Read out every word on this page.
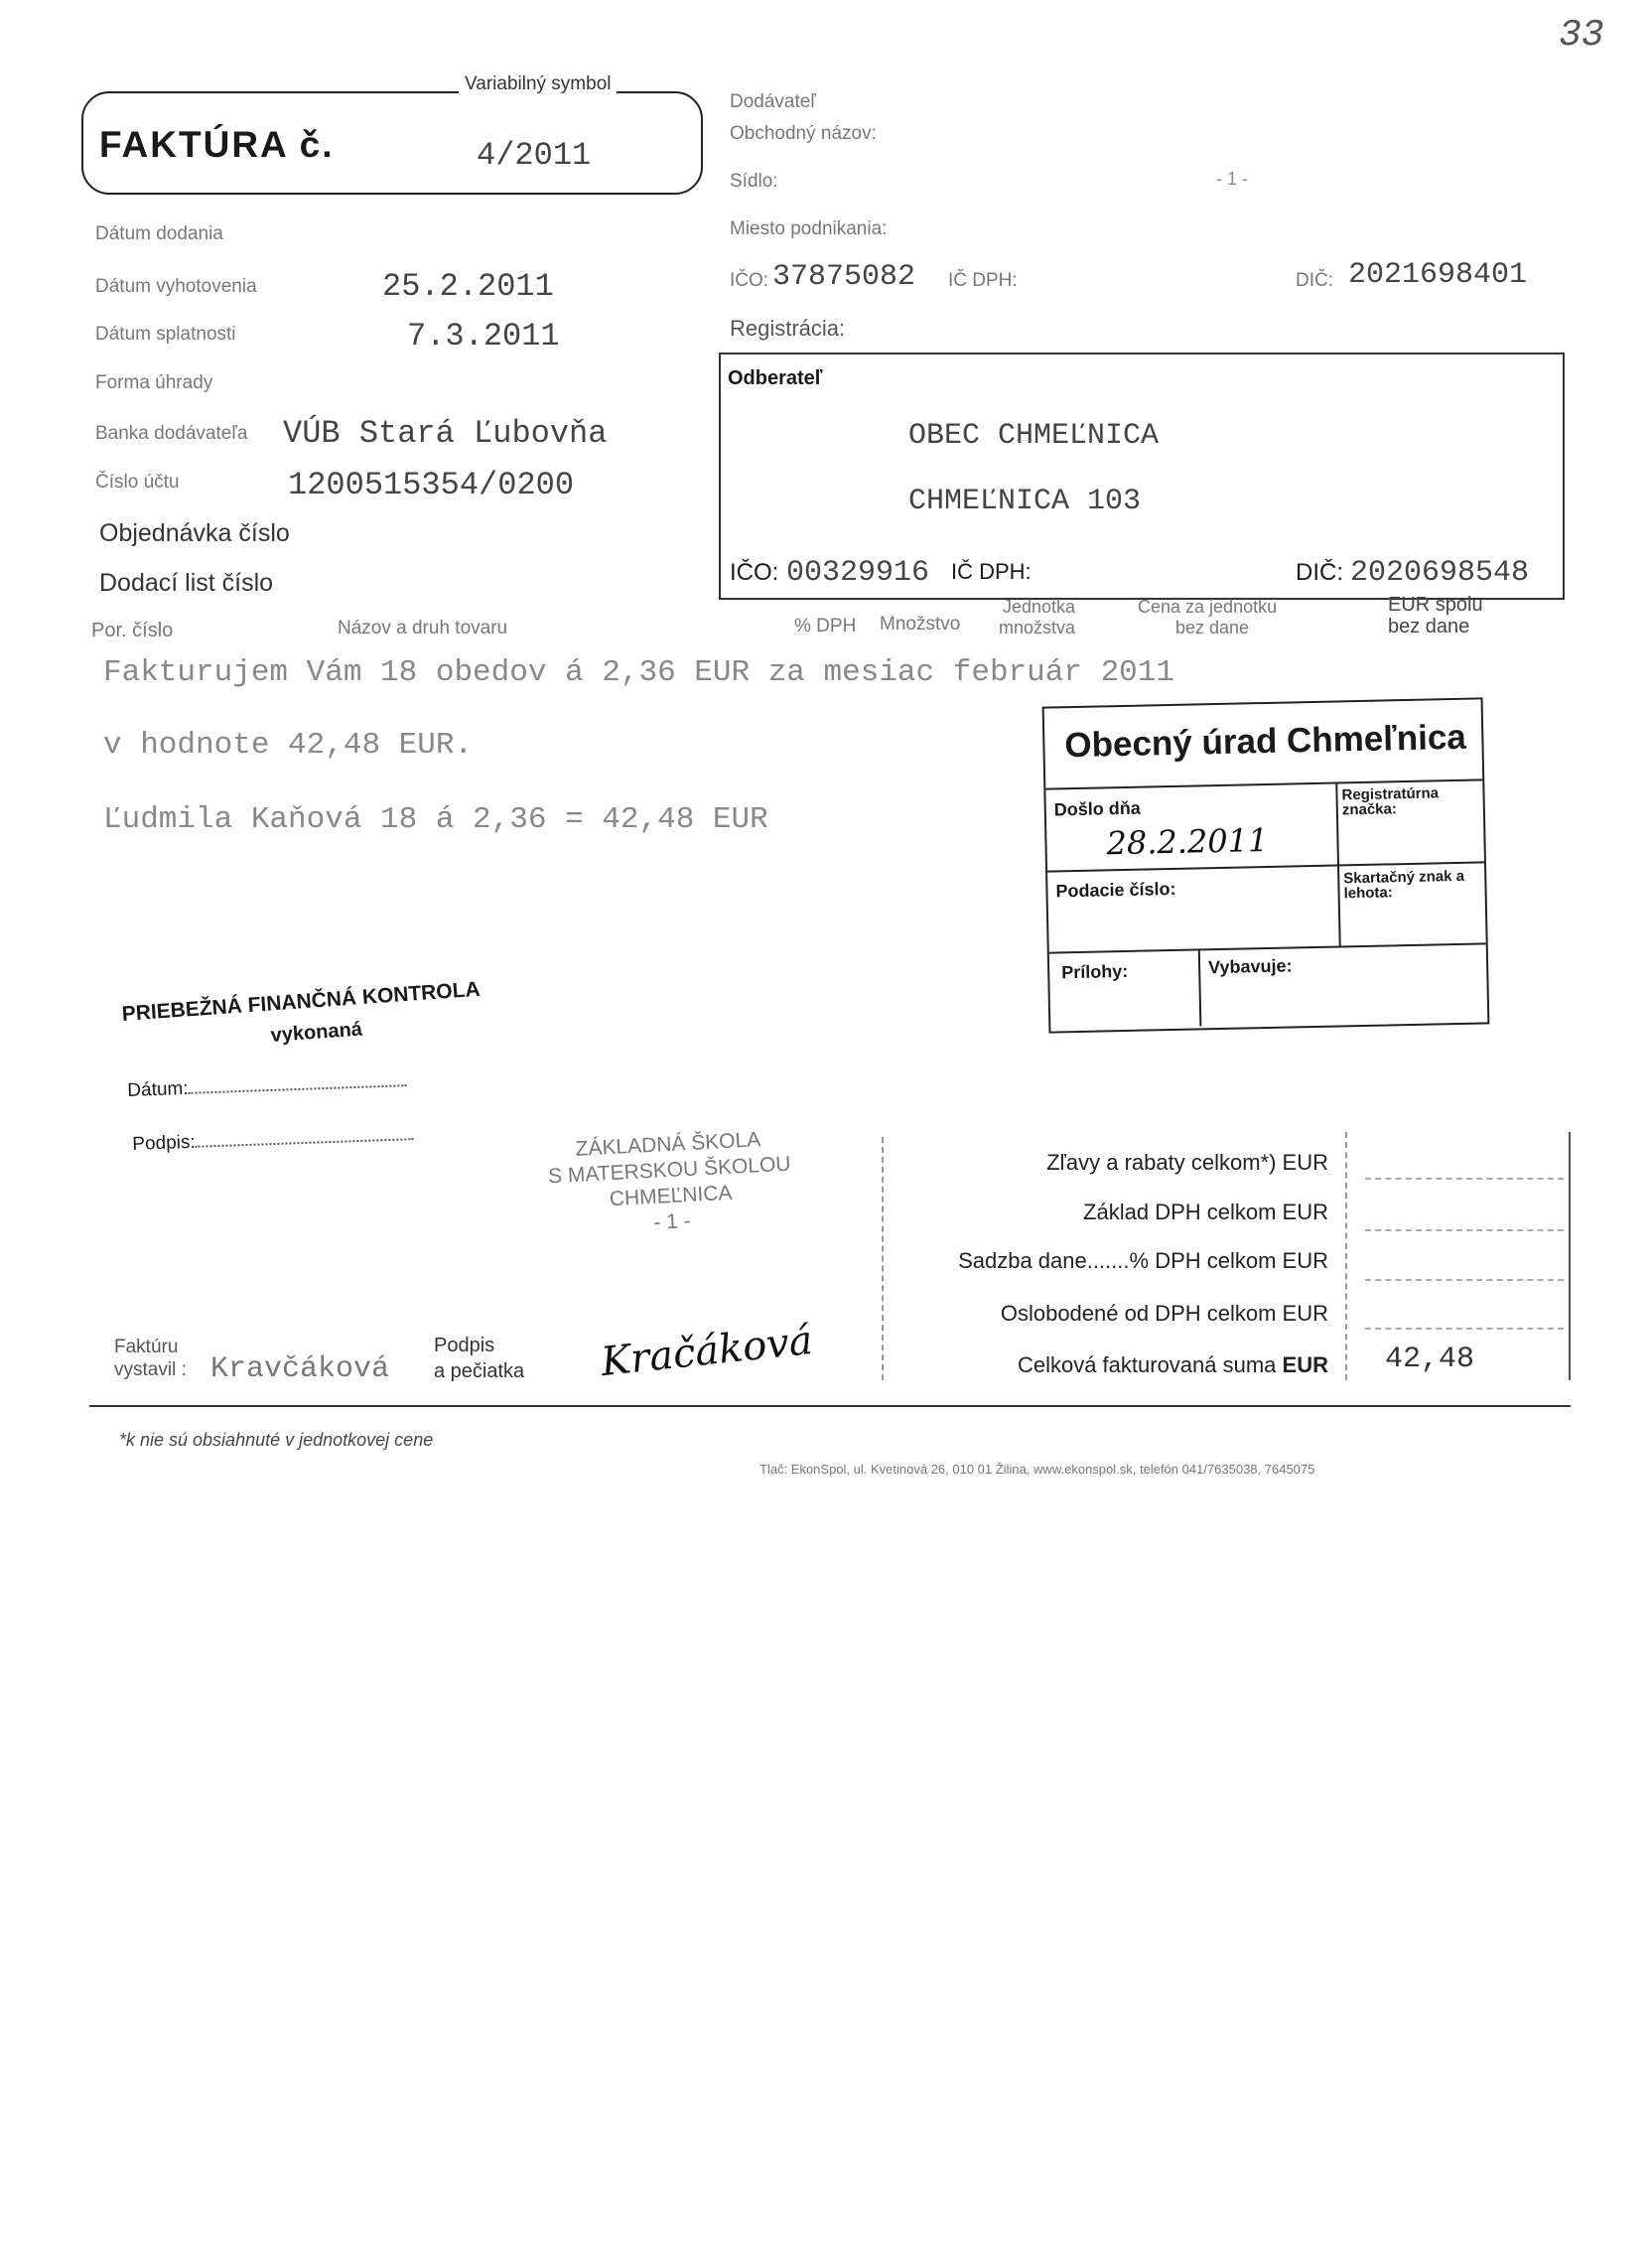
33
Variabilný symbol
FAKTÚRA č.	4/2011
Dátum dodania
Dátum vyhotovenia	25.2.2011
Dátum splatnosti	7.3.2011
Forma úhrady
Banka dodávateľa VÚB Stará Ľubovňa
Číslo účtu	1200515354/0200
Objednávka číslo
Dodací list číslo
Dodávateľ
Obchodný názov:
Sídlo:	- 1 -
Miesto podnikania:
IČO: 37875082 IČ DPH:	DIČ: 2021698401
Registrácia:
Odberateľ
OBEC CHMEĽNICA
CHMEĽNICA 103
IČO: 00329916 IČ DPH:	DIČ: 2020698548
Por. číslo	Názov a druh tovaru	% DPH Množstvo
Jednotka
množstva
Cena za jednotku
bez dane
EUR spolu
bez dane
Fakturujem Vám 18 obedov á 2,36 EUR za mesiac február 2011
v hodnote 42,48 EUR.
Ľudmila Kaňová 18 á 2,36 = 42,48 EUR
Obecný úrad Chmeľnica
Došlo dňa
28.2.2011
Registratúrna značka:
Podacie číslo:
Skartačný znak a lehota:
Prílohy:	Vybavuje:
PRIEBEŽNÁ FINANČNÁ KONTROLA
vykonaná
Dátum:
Podpis:	ZÁKLADNÁ ŠKOLA
S MATERSKOU ŠKOLOU
CHMEĽNICA
- 1 -
Zľavy a rabaty celkom*) EUR
Základ DPH celkom EUR
Sadzba dane.......% DPH celkom EUR
Oslobodené od DPH celkom EUR
Celková fakturovaná suma EUR 42,48
Faktúru
vystavil : Kravčáková
Podpis
a pečiatka Kračáková
*k nie sú obsiahnuté v jednotkovej cene
Tlač: EkonSpol, ul. Kvetinová 26, 010 01 Žilina, www.ekonspol.sk, telefón 041/7635038, 7645075
